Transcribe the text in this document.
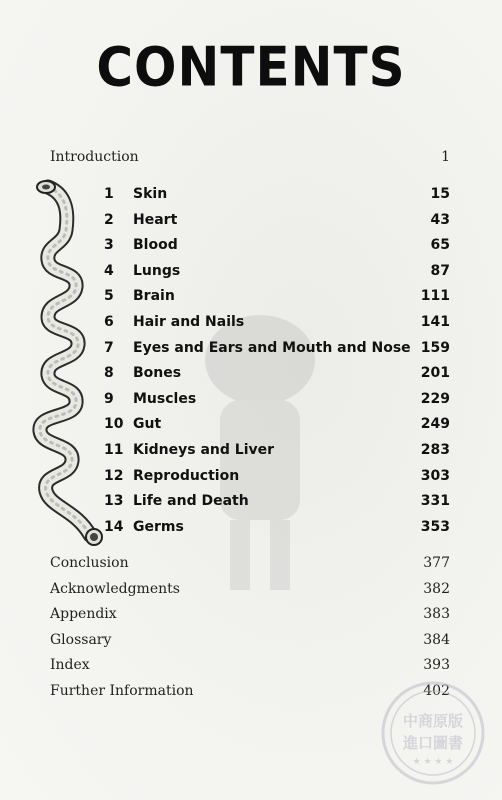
CONTENTS
Introduction	1
1 Skin	15
2 Heart	43
3 Blood	65
4 Lungs	87
5 Brain	111
6 Hair and Nails	141
7 Eyes and Ears and Mouth and Nose 159
8 Bones	201
9 Muscles	229
10 Gut	249
11 Kidneys and Liver	283
12 Reproduction	303
13 Life and Death	331
14 Germs	353
Conclusion	377
Acknowledgments	382
Appendix	383
Glossary	384
Index	393
Further Information	402
中商原版
進口圖書
★ ★ ★ ★
